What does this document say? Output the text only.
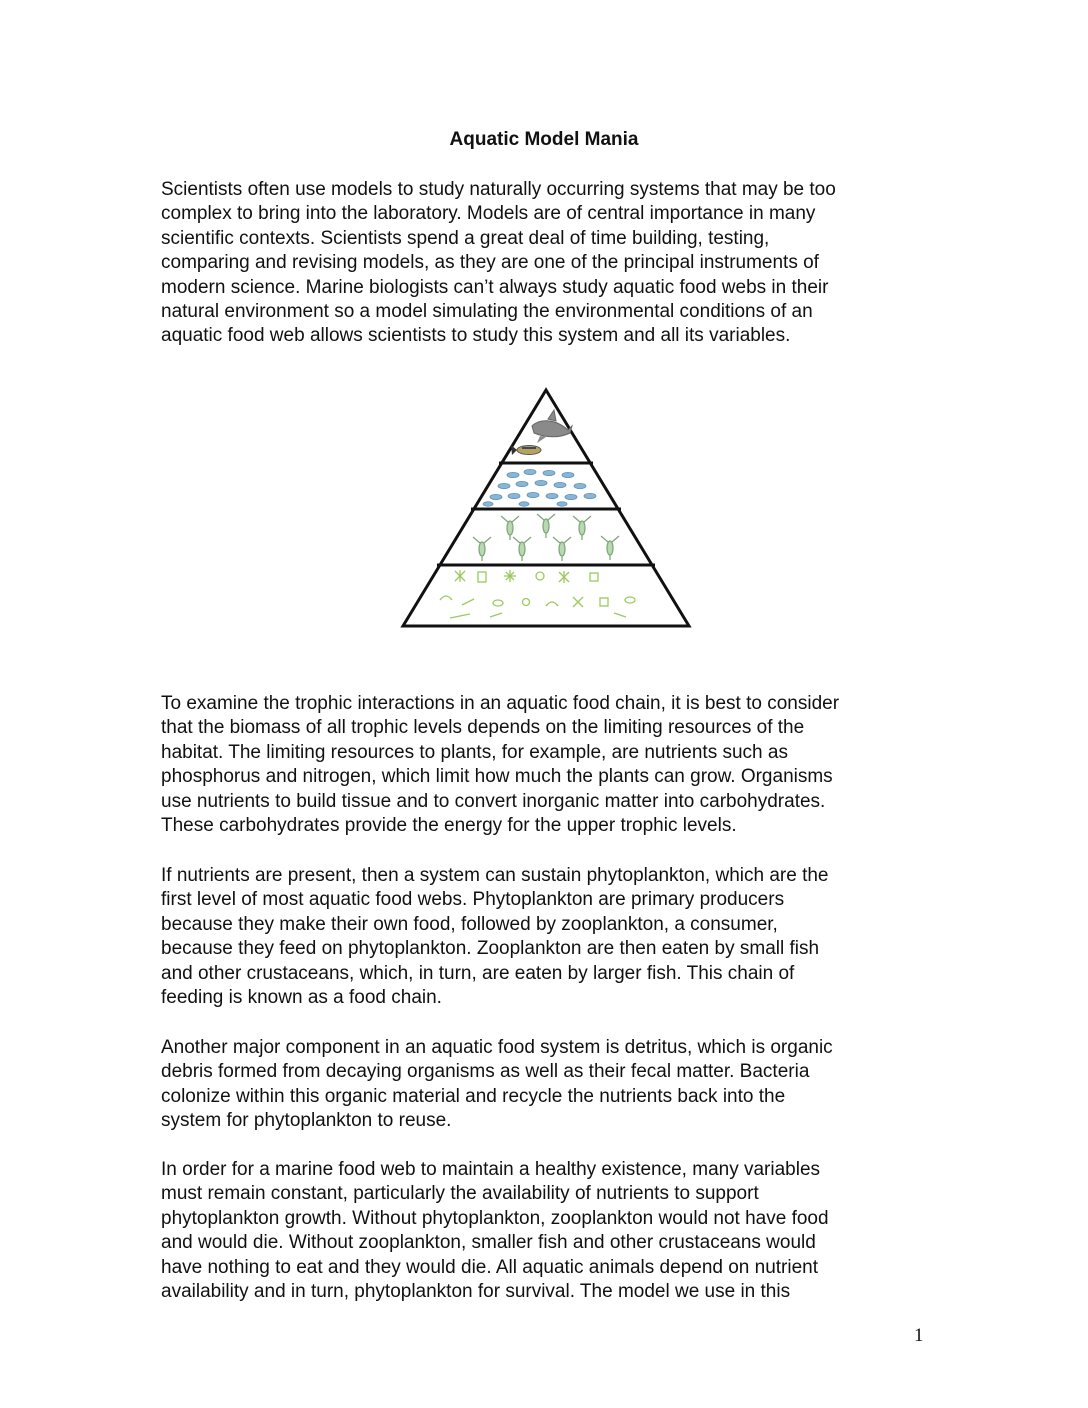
Aquatic Model Mania
Scientists often use models to study naturally occurring systems that may be too
complex to bring into the laboratory. Models are of central importance in many
scientific contexts. Scientists spend a great deal of time building, testing,
comparing and revising models, as they are one of the principal instruments of
modern science. Marine biologists can’t always study aquatic food webs in their
natural environment so a model simulating the environmental conditions of an
aquatic food web allows scientists to study this system and all its variables.
To examine the trophic interactions in an aquatic food chain, it is best to consider
that the biomass of all trophic levels depends on the limiting resources of the
habitat. The limiting resources to plants, for example, are nutrients such as
phosphorus and nitrogen, which limit how much the plants can grow. Organisms
use nutrients to build tissue and to convert inorganic matter into carbohydrates.
These carbohydrates provide the energy for the upper trophic levels.
If nutrients are present, then a system can sustain phytoplankton, which are the
first level of most aquatic food webs. Phytoplankton are primary producers
because they make their own food, followed by zooplankton, a consumer,
because they feed on phytoplankton. Zooplankton are then eaten by small fish
and other crustaceans, which, in turn, are eaten by larger fish. This chain of
feeding is known as a food chain.
Another major component in an aquatic food system is detritus, which is organic
debris formed from decaying organisms as well as their fecal matter. Bacteria
colonize within this organic material and recycle the nutrients back into the
system for phytoplankton to reuse.
In order for a marine food web to maintain a healthy existence, many variables
must remain constant, particularly the availability of nutrients to support
phytoplankton growth. Without phytoplankton, zooplankton would not have food
and would die. Without zooplankton, smaller fish and other crustaceans would
have nothing to eat and they would die. All aquatic animals depend on nutrient
availability and in turn, phytoplankton for survival. The model we use in this
1
